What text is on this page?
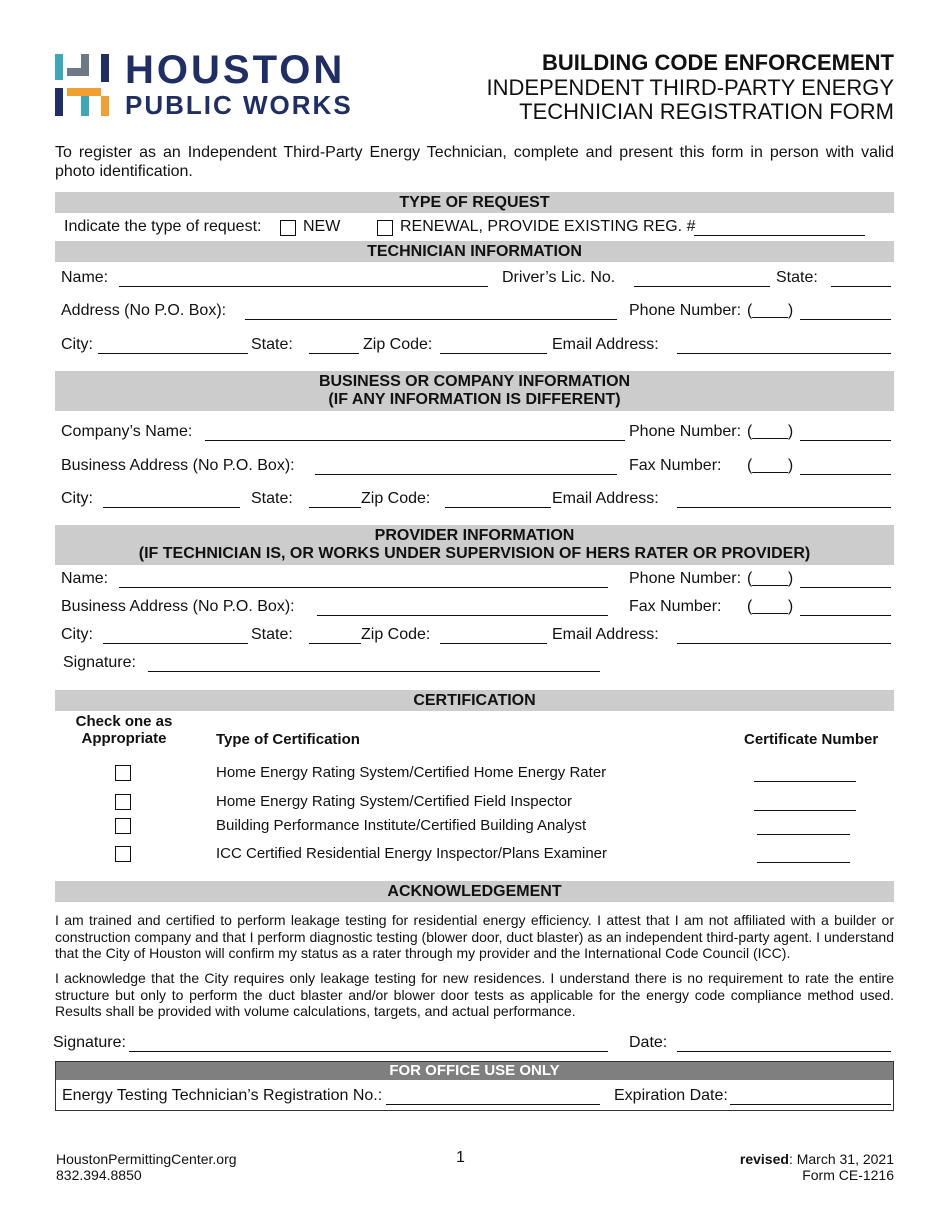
HOUSTON
PUBLIC WORKS
BUILDING CODE ENFORCEMENT
INDEPENDENT THIRD-PARTY ENERGY
TECHNICIAN REGISTRATION FORM
To register as an Independent Third-Party Energy Technician, complete and present this form in person with valid photo identification.
TYPE OF REQUEST
Indicate the type of request:	NEW	RENEWAL, PROVIDE EXISTING REG. #
TECHNICIAN INFORMATION
Name:	Driver’s Lic. No.	State:
Address (No P.O. Box):	Phone Number: (____)
City:	State:	Zip Code:	Email Address:
BUSINESS OR COMPANY INFORMATION
(IF ANY INFORMATION IS DIFFERENT)
Company’s Name:	Phone Number: (____)
Business Address (No P.O. Box):	Fax Number: (____)
City:	State:	Zip Code:	Email Address:
PROVIDER INFORMATION
(IF TECHNICIAN IS, OR WORKS UNDER SUPERVISION OF HERS RATER OR PROVIDER)
Name:	Phone Number: (____)
Business Address (No P.O. Box):	Fax Number: (____)
City:	State:	Zip Code:	Email Address:
Signature:
CERTIFICATION
Check one as
Appropriate	Type of Certification	Certificate Number
Home Energy Rating System/Certified Home Energy Rater
Home Energy Rating System/Certified Field Inspector
Building Performance Institute/Certified Building Analyst
ICC Certified Residential Energy Inspector/Plans Examiner
ACKNOWLEDGEMENT
I am trained and certified to perform leakage testing for residential energy efficiency. I attest that I am not affiliated with a builder or construction company and that I perform diagnostic testing (blower door, duct blaster) as an independent third-party agent. I understand that the City of Houston will confirm my status as a rater through my provider and the International Code Council (ICC).
I acknowledge that the City requires only leakage testing for new residences. I understand there is no requirement to rate the entire structure but only to perform the duct blaster and/or blower door tests as applicable for the energy code compliance method used. Results shall be provided with volume calculations, targets, and actual performance.
Signature:	Date:
FOR OFFICE USE ONLY
Energy Testing Technician’s Registration No.:	Expiration Date:
HoustonPermittingCenter.org
832.394.8850
1	revised: March 31, 2021
Form CE-1216
